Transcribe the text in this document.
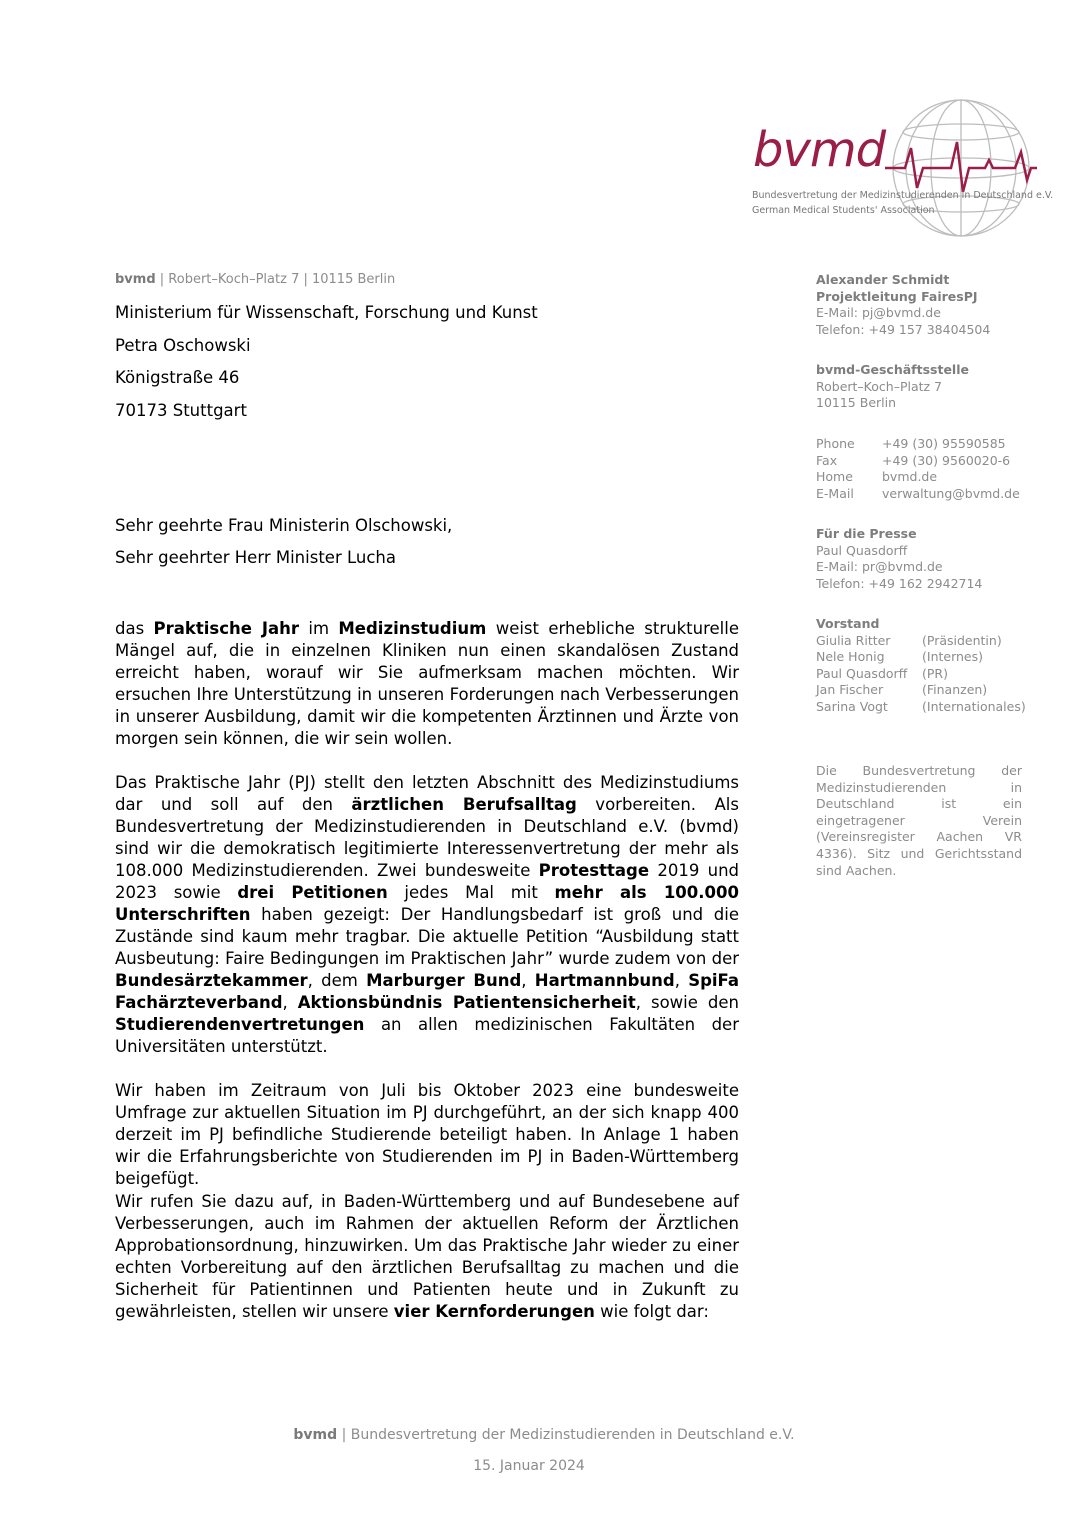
bvmd
Bundesvertretung der Medizinstudierenden in Deutschland e.V.
German Medical Students' Association
bvmd | Robert–Koch–Platz 7 | 10115 Berlin
Ministerium für Wissenschaft, Forschung und Kunst
Petra Oschowski
Königstraße 46
70173 Stuttgart
Sehr geehrte Frau Ministerin Olschowski,
Sehr geehrter Herr Minister Lucha

das Praktische Jahr im Medizinstudium weist erhebliche strukturelle Mängel auf, die in einzelnen Kliniken nun einen skandalösen Zustand erreicht haben, worauf wir Sie aufmerksam machen möchten. Wir ersuchen Ihre Unterstützung in unseren Forderungen nach Verbesserungen in unserer Ausbildung, damit wir die kompetenten Ärztinnen und Ärzte von morgen sein können, die wir sein wollen.

Das Praktische Jahr (PJ) stellt den letzten Abschnitt des Medizinstudiums dar und soll auf den ärztlichen Berufsalltag vorbereiten. Als Bundesvertretung der Medizinstudierenden in Deutschland e.V. (bvmd) sind wir die demokratisch legitimierte Interessenvertretung der mehr als 108.000 Medizinstudierenden. Zwei bundesweite Protesttage 2019 und 2023 sowie drei Petitionen jedes Mal mit mehr als 100.000 Unterschriften haben gezeigt: Der Handlungsbedarf ist groß und die Zustände sind kaum mehr tragbar. Die aktuelle Petition “Ausbildung statt Ausbeutung: Faire Bedingungen im Praktischen Jahr” wurde zudem von der Bundesärztekammer, dem Marburger Bund, Hartmannbund, SpiFa Fachärzteverband, Aktionsbündnis Patientensicherheit, sowie den Studierendenvertretungen an allen medizinischen Fakultäten der Universitäten unterstützt.

Wir haben im Zeitraum von Juli bis Oktober 2023 eine bundesweite Umfrage zur aktuellen Situation im PJ durchgeführt, an der sich knapp 400 derzeit im PJ befindliche Studierende beteiligt haben. In Anlage 1 haben wir die Erfahrungsberichte von Studierenden im PJ in Baden-Württemberg beigefügt.

Wir rufen Sie dazu auf, in Baden-Württemberg und auf Bundesebene auf Verbesserungen, auch im Rahmen der aktuellen Reform der Ärztlichen Approbationsordnung, hinzuwirken. Um das Praktische Jahr wieder zu einer echten Vorbereitung auf den ärztlichen Berufsalltag zu machen und die Sicherheit für Patientinnen und Patienten heute und in Zukunft zu gewährleisten, stellen wir unsere vier Kernforderungen wie folgt dar:

Alexander Schmidt
Projektleitung FairesPJ
E-Mail: pj@bvmd.de
Telefon: +49 157 38404504
bvmd-Geschäftsstelle
Robert–Koch–Platz 7
10115 Berlin
Phone	+49 (30) 95590585
Fax	+49 (30) 9560020-6
Home	bvmd.de
E-Mail	verwaltung@bvmd.de
Für die Presse
Paul Quasdorff
E-Mail: pr@bvmd.de
Telefon: +49 162 2942714
Vorstand
Giulia Ritter	(Präsidentin)
Nele Honig	(Internes)
Paul Quasdorff	(PR)
Jan Fischer	(Finanzen)
Sarina Vogt	(Internationales)
Die Bundesvertretung der Medizinstudierenden in Deutschland ist ein eingetragener Verein (Vereinsregister Aachen VR 4336). Sitz und Gerichtsstand sind Aachen.
bvmd | Bundesvertretung der Medizinstudierenden in Deutschland e.V.
15. Januar 2024
